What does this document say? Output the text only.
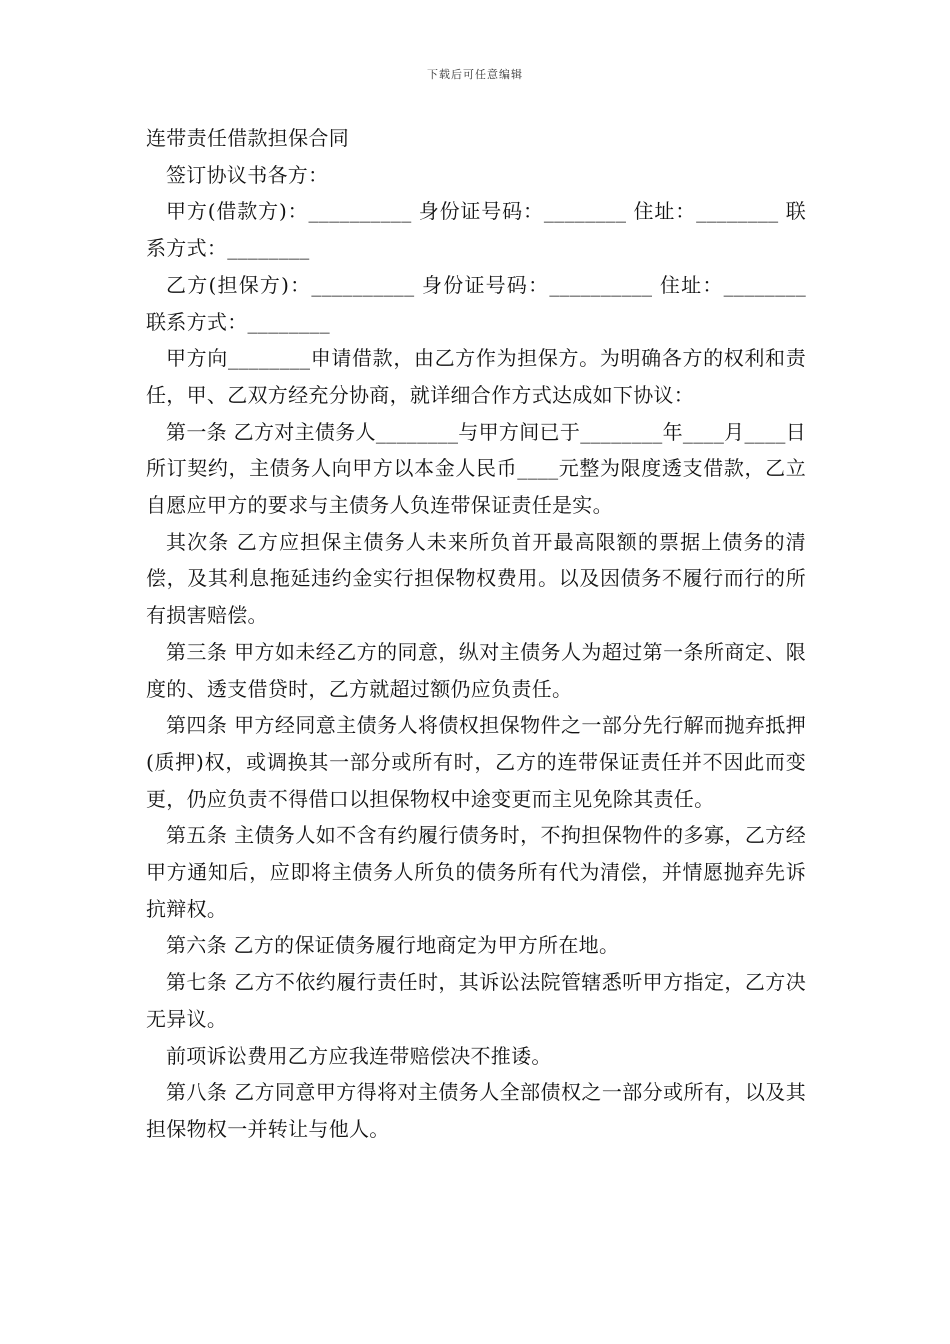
下载后可任意编辑

连带责任借款担保合同

签订协议书各方：

甲方(借款方)：__________ 身份证号码：________ 住址：________ 联系方式：________

乙方(担保方)：__________ 身份证号码：__________ 住址：________ 联系方式：________

甲方向________申请借款，由乙方作为担保方。为明确各方的权利和责任，甲、乙双方经充分协商，就详细合作方式达成如下协议：

第一条 乙方对主债务人________与甲方间已于________年____月____日所订契约，主债务人向甲方以本金人民币____元整为限度透支借款，乙立自愿应甲方的要求与主债务人负连带保证责任是实。

其次条 乙方应担保主债务人未来所负首开最高限额的票据上债务的清偿，及其利息拖延违约金实行担保物权费用。以及因债务不履行而行的所有损害赔偿。

第三条 甲方如未经乙方的同意，纵对主债务人为超过第一条所商定、限度的、透支借贷时，乙方就超过额仍应负责任。

第四条 甲方经同意主债务人将债权担保物件之一部分先行解而抛弃抵押(质押)权，或调换其一部分或所有时，乙方的连带保证责任并不因此而变更，仍应负责不得借口以担保物权中途变更而主见免除其责任。

第五条 主债务人如不含有约履行债务时，不拘担保物件的多寡，乙方经甲方通知后，应即将主债务人所负的债务所有代为清偿，并情愿抛弃先诉抗辩权。

第六条 乙方的保证债务履行地商定为甲方所在地。

第七条 乙方不依约履行责任时，其诉讼法院管辖悉听甲方指定，乙方决无异议。

前项诉讼费用乙方应我连带赔偿决不推诿。

第八条 乙方同意甲方得将对主债务人全部债权之一部分或所有，以及其担保物权一并转让与他人。
